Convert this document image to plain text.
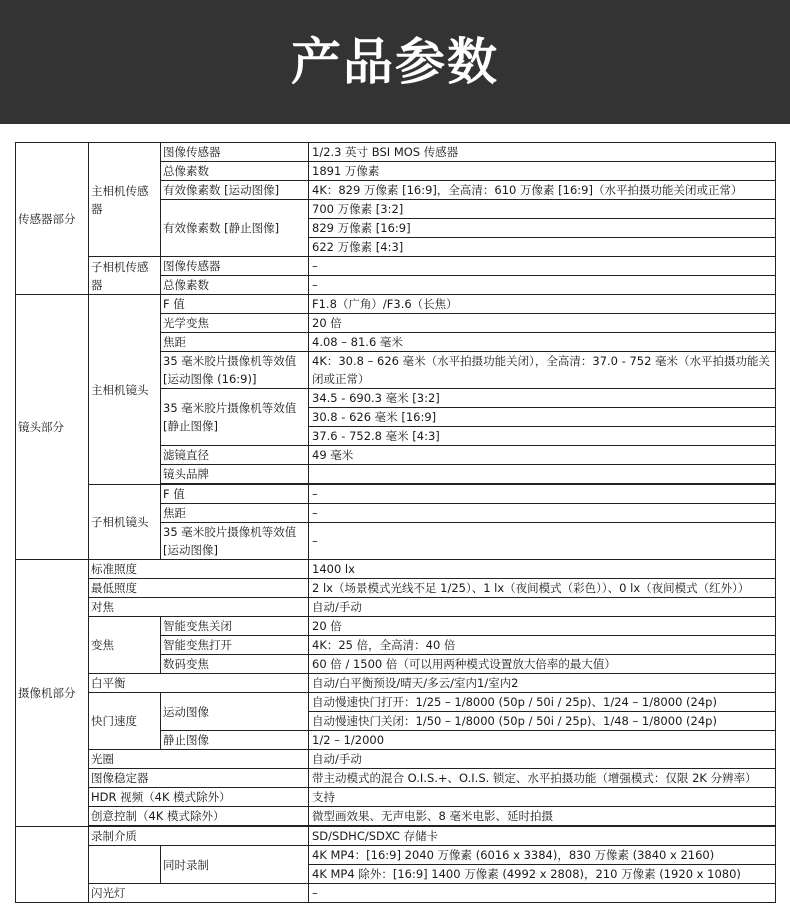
产品参数
传感器部分	主相机传感器	图像传感器	1/2.3 英寸 BSI MOS 传感器
		总像素数	1891 万像素
		有效像素数 [运动图像]	4K：829 万像素 [16:9]，全高清：610 万像素 [16:9]（水平拍摄功能关闭或正常）
		有效像素数 [静止图像]	700 万像素 [3:2]
			829 万像素 [16:9]
			622 万像素 [4:3]
	子相机传感器	图像传感器	–
		总像素数	–
镜头部分	主相机镜头	F 值	F1.8（广角）/F3.6（长焦）
		光学变焦	20 倍
		焦距	4.08 – 81.6 毫米
		35 毫米胶片摄像机等效值 [运动图像 (16:9)]	4K：30.8 – 626 毫米（水平拍摄功能关闭），全高清：37.0 - 752 毫米（水平拍摄功能关闭或正常）
		35 毫米胶片摄像机等效值 [静止图像]	34.5 - 690.3 毫米 [3:2]
			30.8 - 626 毫米 [16:9]
			37.6 - 752.8 毫米 [4:3]
		滤镜直径	49 毫米
		镜头品牌	

	子相机镜头	F 值	–
		焦距	–
		35 毫米胶片摄像机等效值 [运动图像]	–
摄像机部分	标准照度		1400 lx
	最低照度		2 lx（场景模式光线不足 1/25）、1 lx（夜间模式（彩色））、0 lx（夜间模式（红外））
	对焦		自动/手动
	变焦	智能变焦关闭	20 倍
		智能变焦打开	4K：25 倍，全高清：40 倍
		数码变焦	60 倍 / 1500 倍（可以用两种模式设置放大倍率的最大值）
	白平衡		自动/白平衡预设/晴天/多云/室内1/室内2
	快门速度	运动图像	自动慢速快门打开：1/25 – 1/8000 (50p / 50i / 25p)、1/24 – 1/8000 (24p)
			自动慢速快门关闭：1/50 – 1/8000 (50p / 50i / 25p)、1/48 – 1/8000 (24p)
		静止图像	1/2 – 1/2000
	光圈		自动/手动
	图像稳定器		带主动模式的混合 O.I.S.+、O.I.S. 锁定、水平拍摄功能（增强模式：仅限 2K 分辨率）
	HDR 视频（4K 模式除外）		支持
	创意控制（4K 模式除外）		微型画效果、无声电影、8 毫米电影、延时拍摄

	录制介质		SD/SDHC/SDXC 存储卡
		同时录制	4K MP4：[16:9] 2040 万像素 (6016 x 3384)，830 万像素 (3840 x 2160)
			4K MP4 除外：[16:9] 1400 万像素 (4992 x 2808)，210 万像素 (1920 x 1080)
	闪光灯		–
